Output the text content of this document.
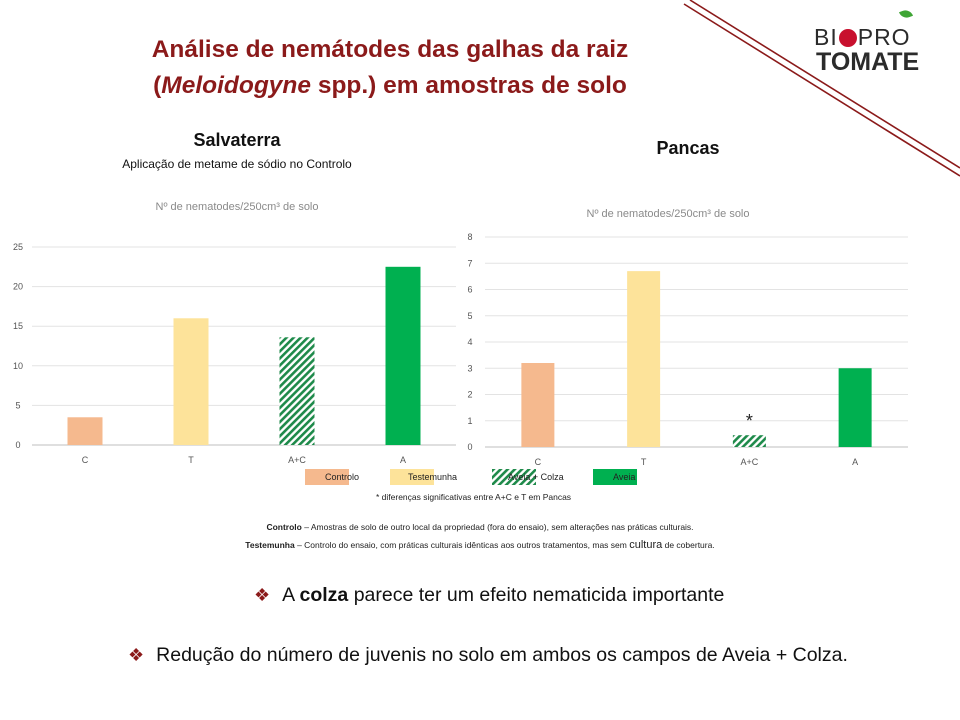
BI PRO
TOMATE
Análise de nemátodes das galhas da raiz
(Meloidogyne spp.) em amostras de solo
Salvaterra
Aplicação de metame de sódio no Controlo
Nº de nematodes/250cm³ de solo
Pancas
Nº de nematodes/250cm³ de solo
0
5
10
15
20
25
C	T	A+C	A
0
1
2
3
4
5
6
7
8
C	T	A+C
*
A
Controlo	Testemunha	Aveia + Colza	Aveia
* diferenças significativas entre A+C e T em Pancas
Controlo – Amostras de solo de outro local da propriedad (fora do ensaio), sem alterações nas práticas culturais.
Testemunha – Controlo do ensaio, com práticas culturais idênticas aos outros tratamentos, mas sem cultura de cobertura.
❖ A colza parece ter um efeito nematicida importante
❖ Redução do número de juvenis no solo em ambos os campos de Aveia + Colza.
